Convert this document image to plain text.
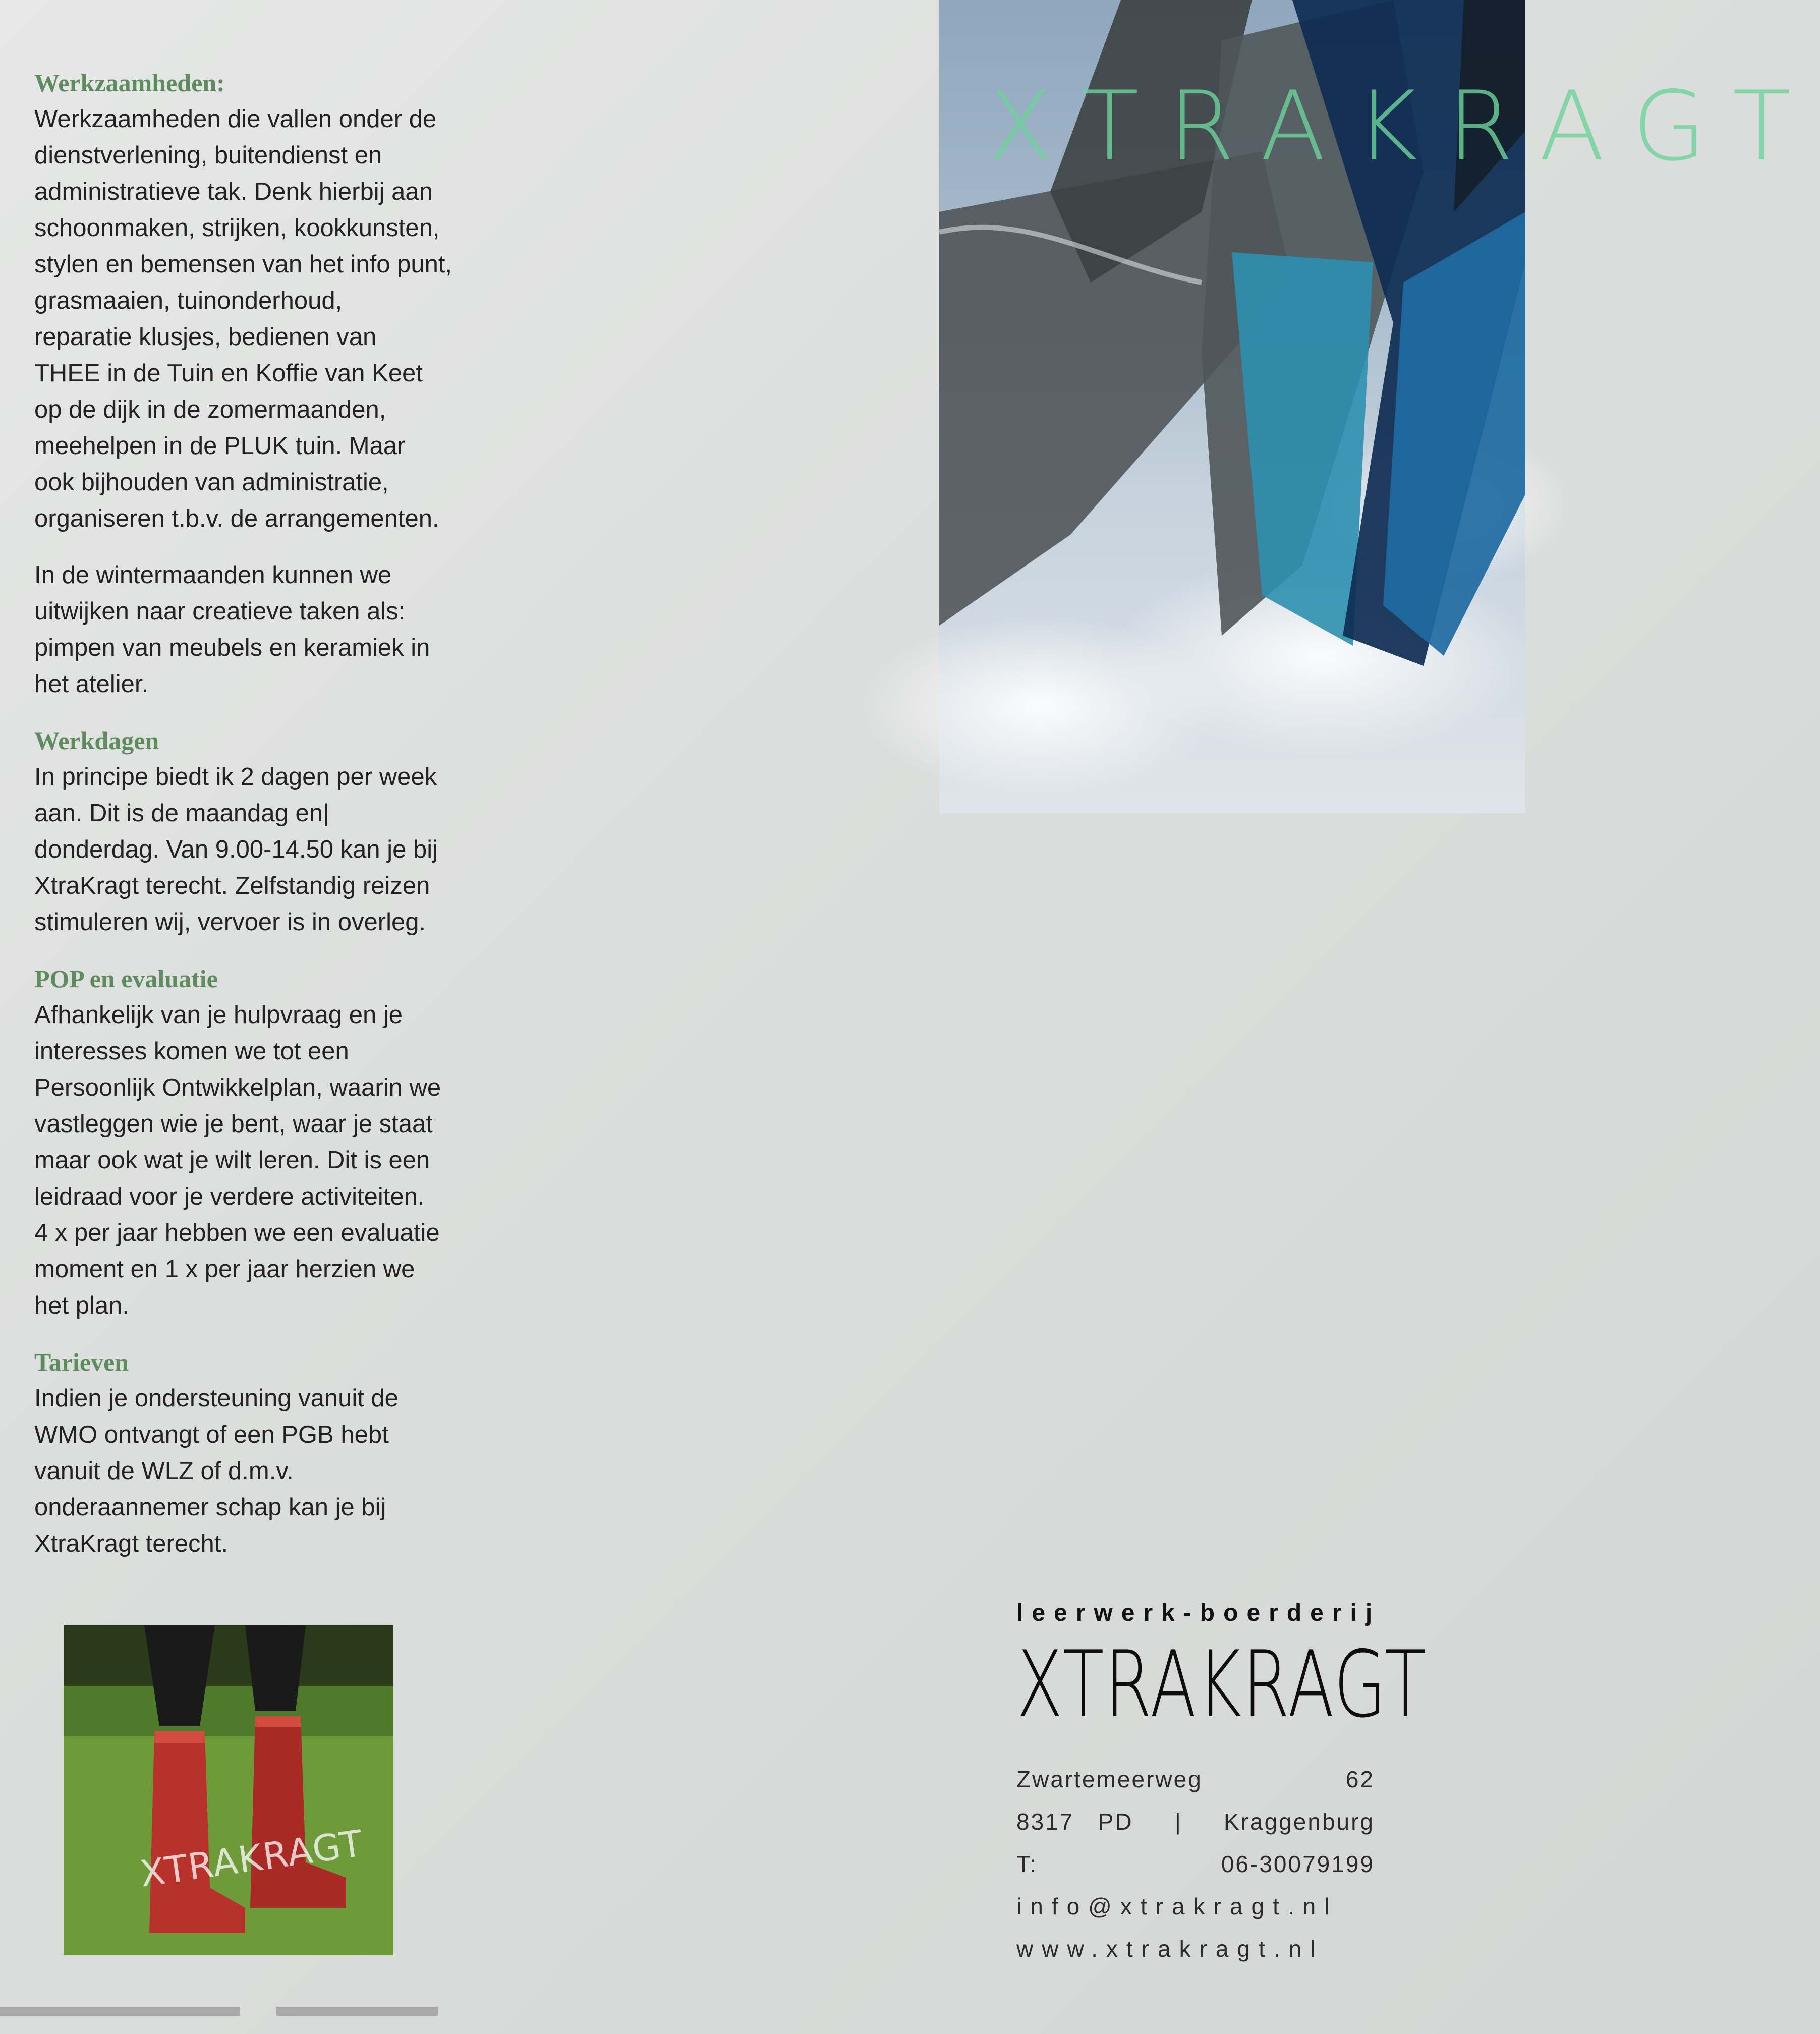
Werkzaamheden:

Werkzaamheden die vallen onder de
dienstverlening, buitendienst en
administratieve tak. Denk hierbij aan
schoonmaken, strijken, kookkunsten,
stylen en bemensen van het info punt,
grasmaaien, tuinonderhoud,
reparatie klusjes, bedienen van
THEE in de Tuin en Koffie van Keet
op de dijk in de zomermaanden,
meehelpen in de PLUK tuin. Maar
ook bijhouden van administratie,
organiseren t.b.v. de arrangementen.

In de wintermaanden kunnen we
uitwijken naar creatieve taken als:
pimpen van meubels en keramiek in
het atelier.

Werkdagen

In principe biedt ik 2 dagen per week
aan. Dit is de maandag en|
donderdag. Van 9.00-14.50 kan je bij
XtraKragt terecht. Zelfstandig reizen
stimuleren wij, vervoer is in overleg.

POP en evaluatie

Afhankelijk van je hulpvraag en je
interesses komen we tot een
Persoonlijk Ontwikkelplan, waarin we
vastleggen wie je bent, waar je staat
maar ook wat je wilt leren. Dit is een
leidraad voor je verdere activiteiten.
4 x per jaar hebben we een evaluatie
moment en 1 x per jaar herzien we
het plan.

Tarieven

Indien je ondersteuning vanuit de
WMO ontvangt of een PGB hebt
vanuit de WLZ of d.m.v.
onderaannemer schap kan je bij
XtraKragt terecht.

XTRAKRAGT
XTRAKRAGT

leerwerk-boerderij

XTRAKRAGT
Zwartemeerweg	62
8317   PD | Kraggenburg
T:	06-30079199
info@xtrakragt.nl
www.xtrakragt.nl
